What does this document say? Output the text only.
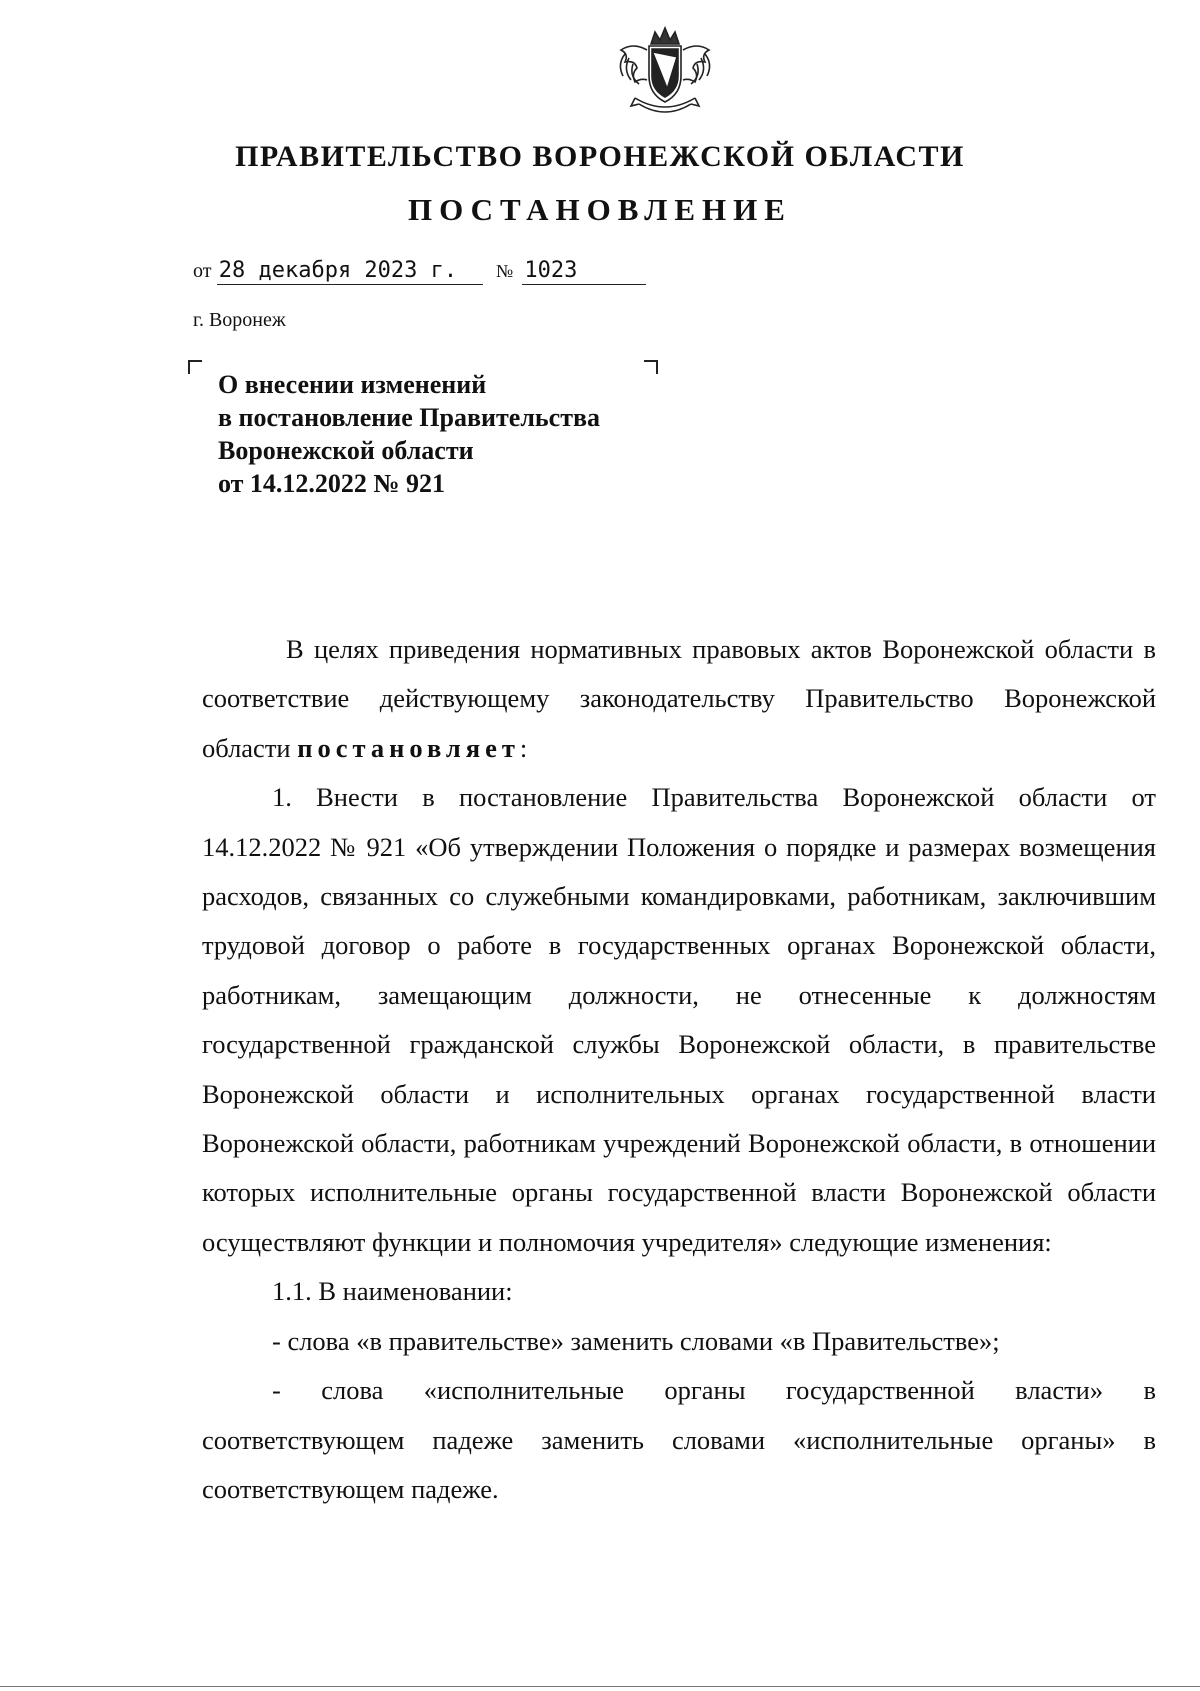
ПРАВИТЕЛЬСТВО ВОРОНЕЖСКОЙ ОБЛАСТИ
ПОСТАНОВЛЕНИЕ
от 28 декабря 2023 г. № 1023
г. Воронеж
О внесении изменений
в постановление Правительства
Воронежской области
от 14.12.2022 № 921

В целях приведения нормативных правовых актов Воронежской области в соответствие действующему законодательству Правительство Воронежской области постановляет:

1. Внести в постановление Правительства Воронежской области от 14.12.2022 № 921 «Об утверждении Положения о порядке и размерах возмещения расходов, связанных со служебными командировками, работникам, заключившим трудовой договор о работе в государственных органах Воронежской области, работникам, замещающим должности, не отнесенные к должностям государственной гражданской службы Воронежской области, в правительстве Воронежской области и исполнительных органах государственной власти Воронежской области, работникам учреждений Воронежской области, в отношении которых исполнительные органы государственной власти Воронежской области осуществляют функции и полномочия учредителя» следующие изменения:

1.1. В наименовании:

- слова «в правительстве» заменить словами «в Правительстве»;

- слова «исполнительные органы государственной власти» в соответствующем падеже заменить словами «исполнительные органы» в соответствующем падеже.
